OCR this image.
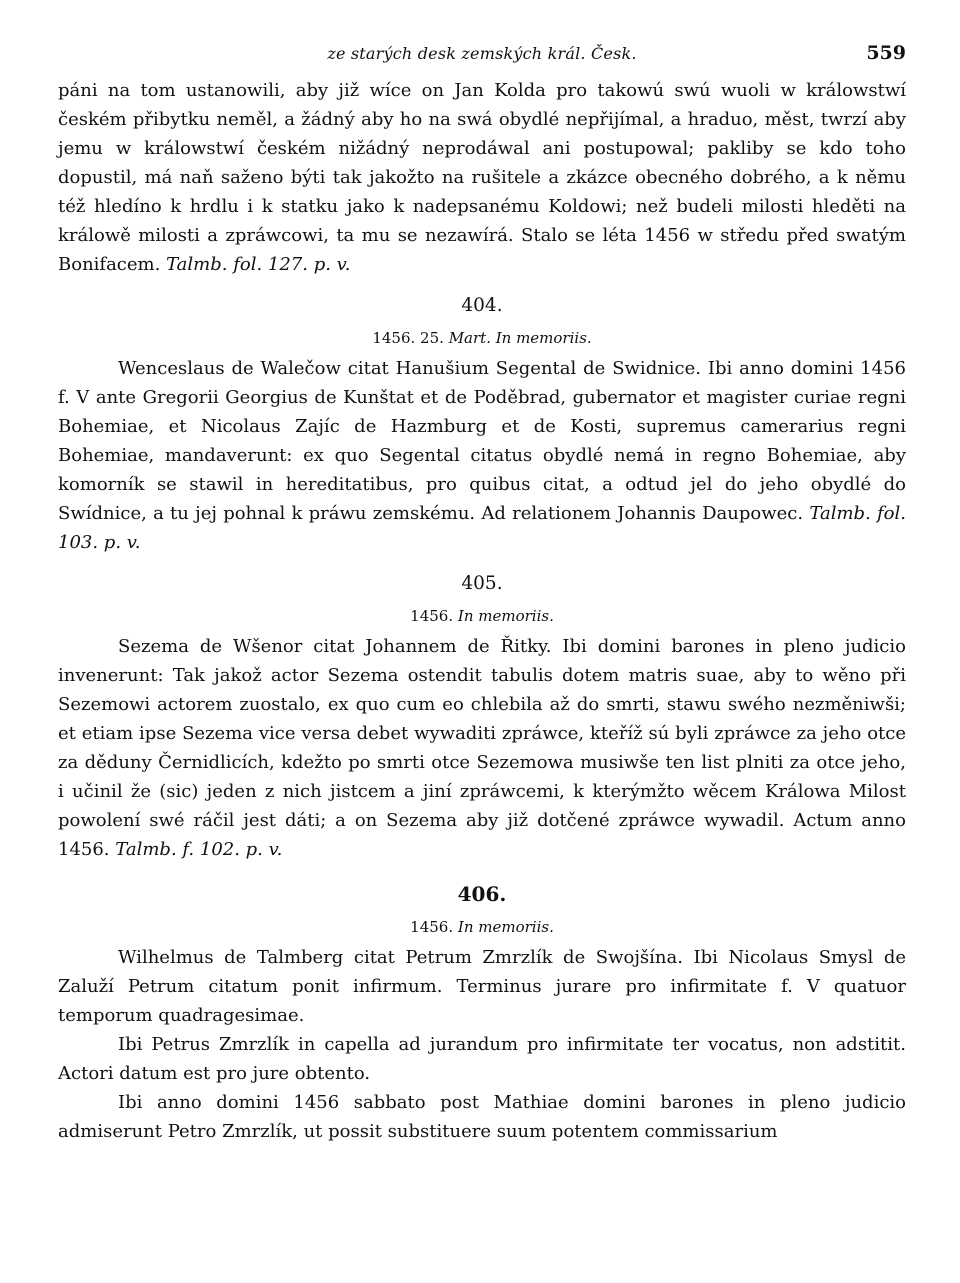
ze starých desk zemských král. Česk.	559

páni na tom ustanowili, aby již wíce on Jan Kolda pro takowú swú wuoli w králowstwí českém přibytku neměl, a žádný aby ho na swá obydlé nepřijímal, a hraduo, měst, twrzí aby jemu w králowstwí českém nižádný neprodáwal ani postupowal; pakliby se kdo toho dopustil, má naň saženo býti tak jakožto na rušitele a zkázce obecného dobrého, a k němu též hledíno k hrdlu i k statku jako k nadepsanému Koldowi; než budeli milosti hleděti na králowě milosti a zpráwcowi, ta mu se nezawírá. Stalo se léta 1456 w středu před swatým Bonifacem. Talmb. fol. 127. p. v.

404.
1456. 25. Mart. In memoriis.

Wenceslaus de Walečow citat Hanušium Segental de Swidnice. Ibi anno domini 1456 f. V ante Gregorii Georgius de Kunštat et de Poděbrad, gubernator et magister curiae regni Bohemiae, et Nicolaus Zajíc de Hazmburg et de Kosti, supremus camerarius regni Bohemiae, mandaverunt: ex quo Segental citatus obydlé nemá in regno Bohemiae, aby komorník se stawil in hereditatibus, pro quibus citat, a odtud jel do jeho obydlé do Swídnice, a tu jej pohnal k práwu zemskému. Ad relationem Johannis Daupowec. Talmb. fol. 103. p. v.

405.
1456. In memoriis.

Sezema de Wšenor citat Johannem de Řitky. Ibi domini barones in pleno judicio invenerunt: Tak jakož actor Sezema ostendit tabulis dotem matris suae, aby to wěno při Sezemowi actorem zuostalo, ex quo cum eo chlebila až do smrti, stawu swého nezměniwši; et etiam ipse Sezema vice versa debet wywaditi zpráwce, kteříž sú byli zpráwce za jeho otce za děduny Černidlicích, kdežto po smrti otce Sezemowa musiwše ten list plniti za otce jeho, i učinil že (sic) jeden z nich jistcem a jiní zpráwcemi, k kterýmžto wěcem Králowa Milost powolení swé ráčil jest dáti; a on Sezema aby již dotčené zpráwce wywadil. Actum anno 1456. Talmb. f. 102. p. v.

406.
1456. In memoriis.

Wilhelmus de Talmberg citat Petrum Zmrzlík de Swojšína. Ibi Nicolaus Smysl de Zaluží Petrum citatum ponit infirmum. Terminus jurare pro infirmitate f. V quatuor temporum quadragesimae.

Ibi Petrus Zmrzlík in capella ad jurandum pro infirmitate ter vocatus, non adstitit. Actori datum est pro jure obtento.

Ibi anno domini 1456 sabbato post Mathiae domini barones in pleno judicio admiserunt Petro Zmrzlík, ut possit substituere suum potentem commissarium
